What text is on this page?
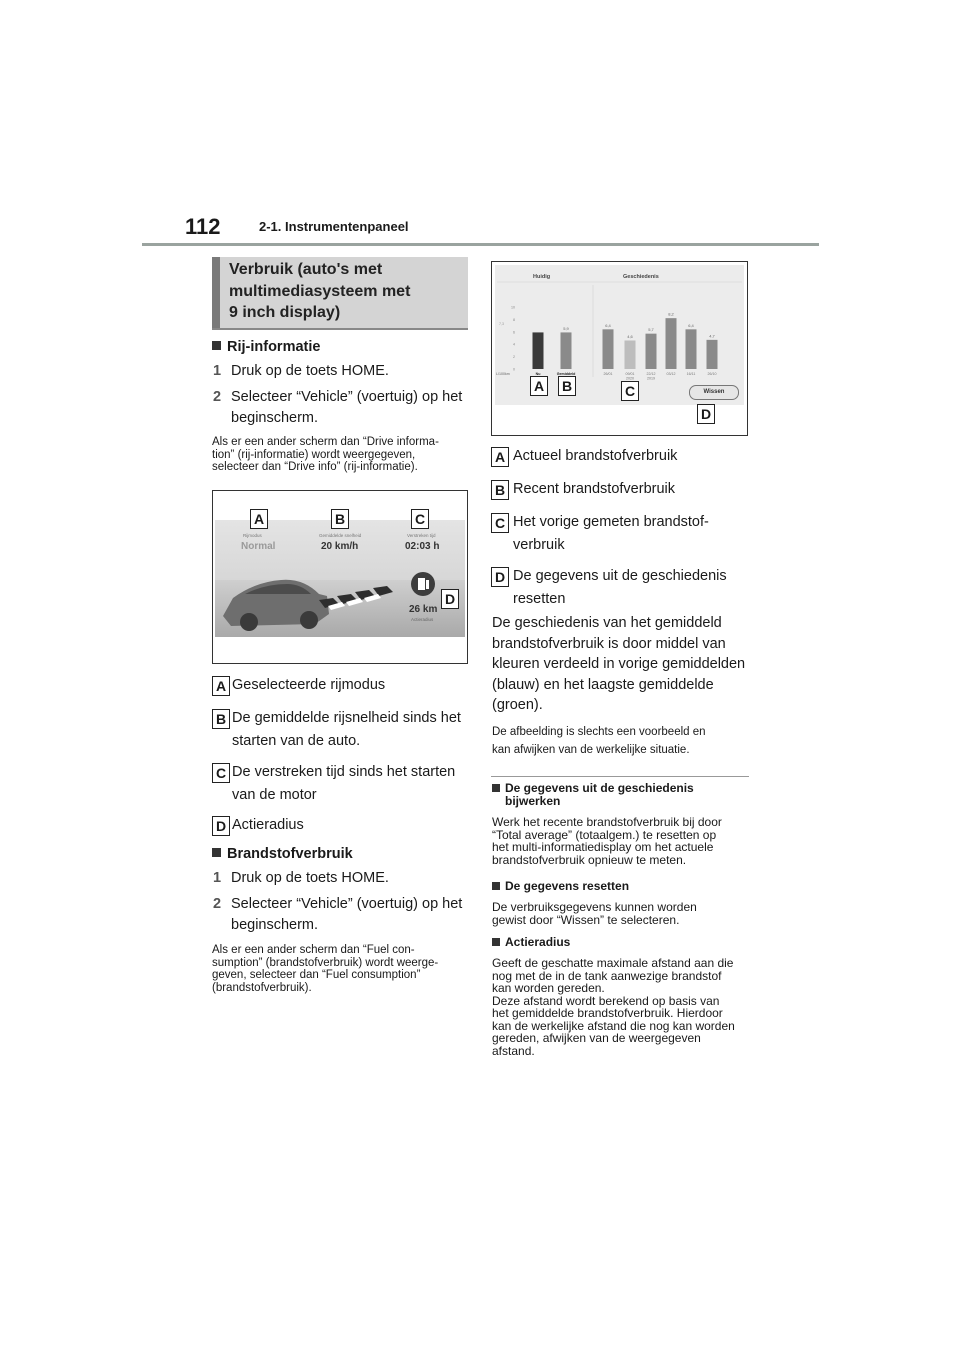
112	2-1. Instrumentenpaneel
Verbruik (auto's met
multimediasysteem met
9 inch display)
Rij-informatie
1 Druk op de toets HOME.
2 Selecteer “Vehicle” (voertuig) op het
beginscherm.
Als er een ander scherm dan “Drive informa-
tion” (rij-informatie) wordt weergegeven,
selecteer dan “Drive info” (rij-informatie).
Rijmodus
Normal
Gemiddelde snelheid
20 km/h
Verstreken tijd
02:03 h
26 km
Actieradius
A	B	C
D
A Geselecteerde rijmodus
B De gemiddelde rijsnelheid sinds het
starten van de auto.
C De verstreken tijd sinds het starten
van de motor
D Actieradius
Brandstofverbruik
1 Druk op de toets HOME.
2 Selecteer “Vehicle” (voertuig) op het
beginscherm.
Als er een ander scherm dan “Fuel con-
sumption” (brandstofverbruik) wordt weerge-
geven, selecteer dan “Fuel consumption”
(brandstofverbruik).
Huidig	Geschiedenis
10
8
6
4
2
0
7,3
L/100km	Nu
5,9
Gemiddeld
6,4
26/01
4,6
09/01
2020
5,7
22/12
2019
8,2
03/12
6,4
16/11
4,7
26/10
Wissen
A B	C
D
A Actueel brandstofverbruik
B Recent brandstofverbruik
C Het vorige gemeten brandstof-
verbruik
D De gegevens uit de geschiedenis
resetten
De geschiedenis van het gemiddeld
brandstofverbruik is door middel van
kleuren verdeeld in vorige gemiddelden
(blauw) en het laagste gemiddelde
(groen).
De afbeelding is slechts een voorbeeld en
kan afwijken van de werkelijke situatie.
De gegevens uit de geschiedenis
bijwerken
Werk het recente brandstofverbruik bij door
“Total average” (totaalgem.) te resetten op
het multi-informatiedisplay om het actuele
brandstofverbruik opnieuw te meten.
De gegevens resetten
De verbruiksgegevens kunnen worden
gewist door “Wissen” te selecteren.
Actieradius
Geeft de geschatte maximale afstand aan die
nog met de in de tank aanwezige brandstof
kan worden gereden.
Deze afstand wordt berekend op basis van
het gemiddelde brandstofverbruik. Hierdoor
kan de werkelijke afstand die nog kan worden
gereden, afwijken van de weergegeven
afstand.
